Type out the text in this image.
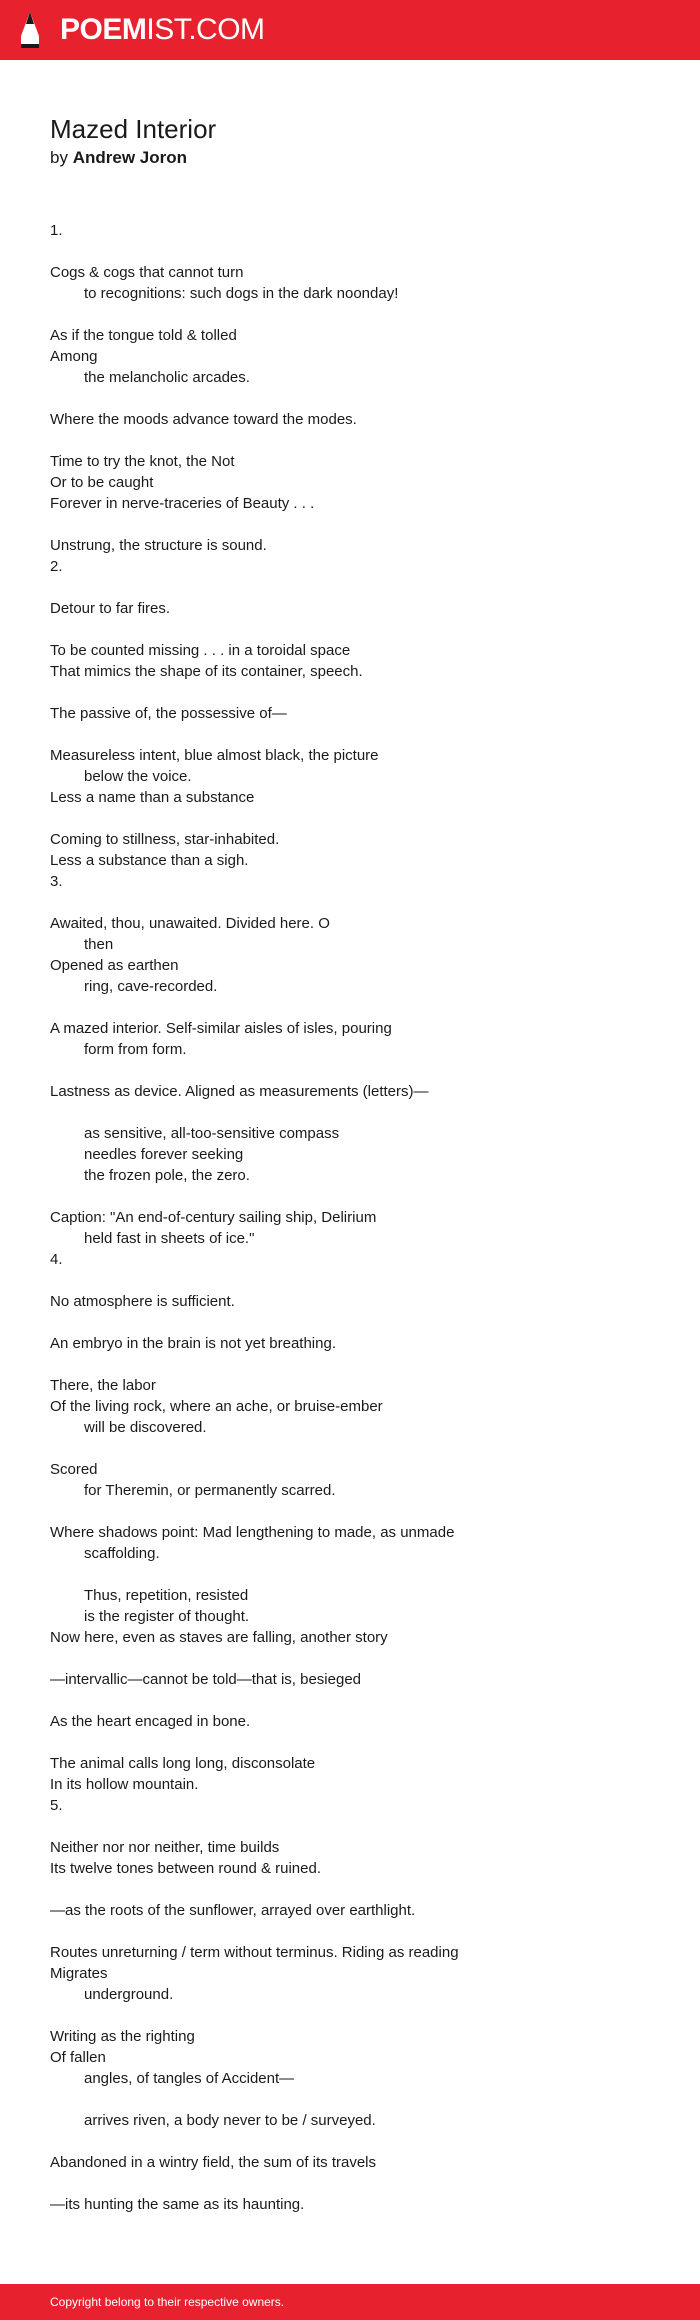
POEMIST.COM
Mazed Interior

by Andrew Joron

1.
Cogs & cogs that cannot turn
to recognitions: such dogs in the dark noonday!
As if the tongue told & tolled
Among
the melancholic arcades.
Where the moods advance toward the modes.
Time to try the knot, the Not
Or to be caught
Forever in nerve-traceries of Beauty . . .
Unstrung, the structure is sound.
2.
Detour to far fires.
To be counted missing . . . in a toroidal space
That mimics the shape of its container, speech.
The passive of, the possessive of—
Measureless intent, blue almost black, the picture
below the voice.
Less a name than a substance
Coming to stillness, star-inhabited.
Less a substance than a sigh.
3.
Awaited, thou, unawaited. Divided here. O
then
Opened as earthen
ring, cave-recorded.
A mazed interior. Self-similar aisles of isles, pouring
form from form.
Lastness as device. Aligned as measurements (letters)—
as sensitive, all-too-sensitive compass
needles forever seeking
the frozen pole, the zero.
Caption: "An end-of-century sailing ship, Delirium
held fast in sheets of ice."
4.
No atmosphere is sufficient.
An embryo in the brain is not yet breathing.
There, the labor
Of the living rock, where an ache, or bruise-ember
will be discovered.
Scored
for Theremin, or permanently scarred.
Where shadows point: Mad lengthening to made, as unmade
scaffolding.
Thus, repetition, resisted
is the register of thought.
Now here, even as staves are falling, another story
—intervallic—cannot be told—that is, besieged
As the heart encaged in bone.
The animal calls long long, disconsolate
In its hollow mountain.
5.
Neither nor nor neither, time builds
Its twelve tones between round & ruined.
—as the roots of the sunflower, arrayed over earthlight.
Routes unreturning / term without terminus. Riding as reading
Migrates
underground.
Writing as the righting
Of fallen
angles, of tangles of Accident—
arrives riven, a body never to be / surveyed.
Abandoned in a wintry field, the sum of its travels
—its hunting the same as its haunting.
Copyright belong to their respective owners.
